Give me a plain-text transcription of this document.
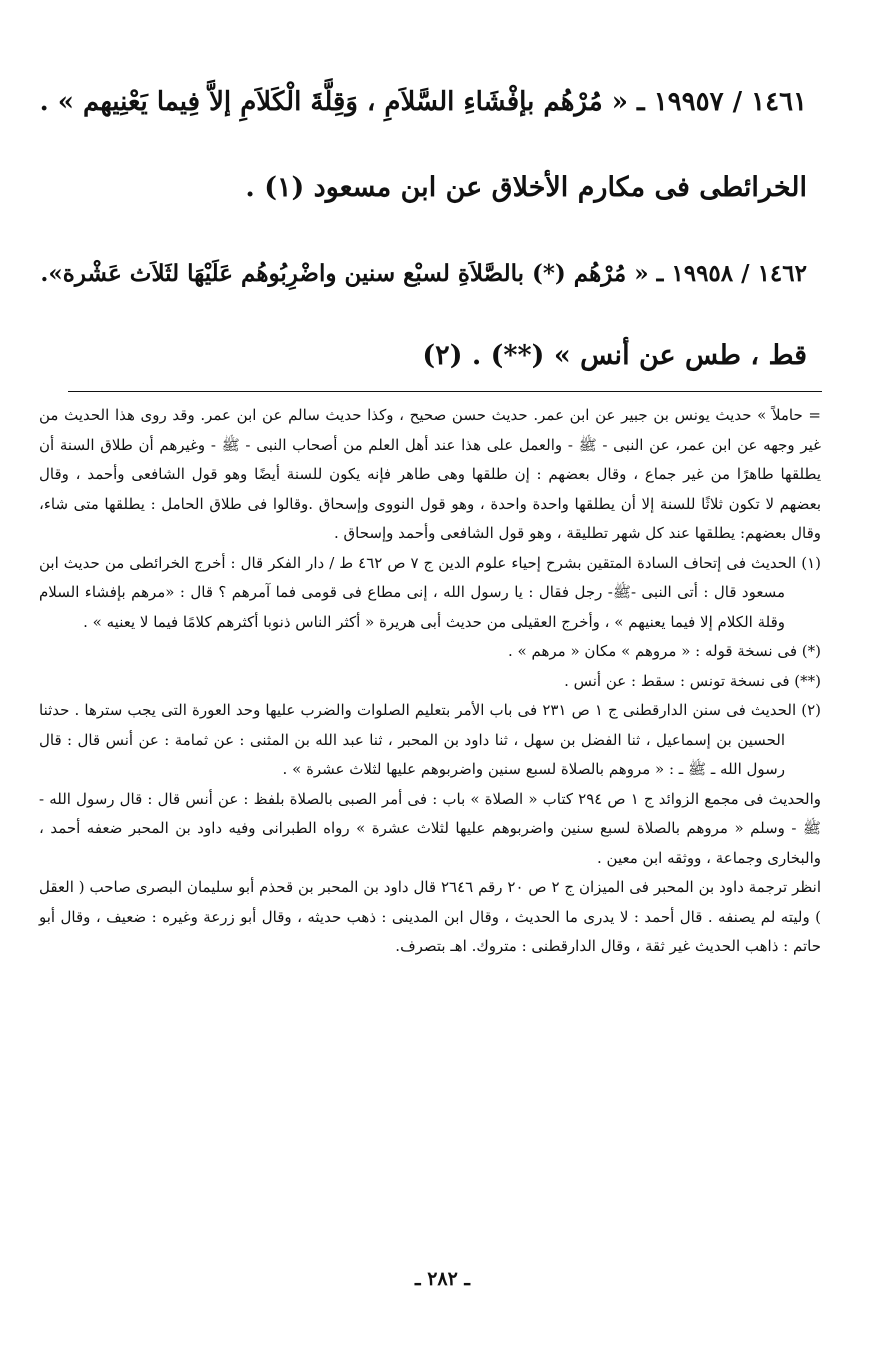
١٤٦١ / ١٩٩٥٧ ـ « مُرْهُم بإفْشَاءِ السَّلاَمِ ، وَقِلَّةَ الْكَلاَمِ إلاَّ فِيما يَعْنِيهم » .
الخرائطى فى مكارم الأخلاق عن ابن مسعود (١) .
١٤٦٢ / ١٩٩٥٨ ـ « مُرْهُم (*) بالصَّلاَةِ لسبْع سنين واضْرِبُوهُم عَلَيْهَا لثَلاَث عَشْرة».
قط ، طس عن أنس » (**) . (٢)

= حاملاً » حديث يونس بن جبير عن ابن عمر. حديث حسن صحيح ، وكذا حديث سالم عن ابن عمر. وقد روى هذا الحديث من غير وجهه عن ابن عمر، عن النبى - ﷺ - والعمل على هذا عند أهل العلم من أصحاب النبى - ﷺ - وغيرهم أن طلاق السنة أن يطلقها طاهرًا من غير جماع ، وقال بعضهم : إن طلقها وهى طاهر فإنه يكون للسنة أيضًا وهو قول الشافعى وأحمد ، وقال بعضهم لا تكون ثلاثًا للسنة إلا أن يطلقها واحدة واحدة ، وهو قول النووى وإسحاق .وقالوا فى طلاق الحامل : يطلقها متى شاء، وقال بعضهم: يطلقها عند كل شهر تطليقة ، وهو قول الشافعى وأحمد وإسحاق .

(١) الحديث فى إتحاف السادة المتقين بشرح إحياء علوم الدين ج ٧ ص ٤٦٢ ط / دار الفكر قال : أخرج الخرائطى من حديث ابن مسعود قال : أتى النبى -ﷺ- رجل فقال : يا رسول الله ، إنى مطاع فى قومى فما آمرهم ؟ قال : «مرهم بإفشاء السلام وقلة الكلام إلا فيما يعنيهم » ، وأخرج العقيلى من حديث أبى هريرة « أكثر الناس ذنوبا أكثرهم كلامًا فيما لا يعنيه » .

(*) فى نسخة قوله : « مروهم » مكان « مرهم » .

(**) فى نسخة تونس : سقط : عن أنس .

(٢) الحديث فى سنن الدارقطنى ج ١ ص ٢٣١ فى باب الأمر بتعليم الصلوات والضرب عليها وحد العورة التى يجب سترها . حدثنا الحسين بن إسماعيل ، ثنا الفضل بن سهل ، ثنا داود بن المحبر ، ثنا عبد الله بن المثنى : عن ثمامة : عن أنس قال : قال رسول الله ـ ﷺ ـ : « مروهم بالصلاة لسبع سنين واضربوهم عليها لثلاث عشرة » .

والحديث فى مجمع الزوائد ج ١ ص ٢٩٤ كتاب « الصلاة » باب : فى أمر الصبى بالصلاة بلفظ : عن أنس قال : قال رسول الله - ﷺ - وسلم « مروهم بالصلاة لسبع سنين واضربوهم عليها لثلاث عشرة » رواه الطبرانى وفيه داود بن المحبر ضعفه أحمد ، والبخارى وجماعة ، ووثقه ابن معين .

انظر ترجمة داود بن المحبر فى الميزان ج ٢ ص ٢٠ رقم ٢٦٤٦ قال داود بن المحبر بن قحذم أبو سليمان البصرى صاحب ( العقل ) وليته لم يصنفه . قال أحمد : لا يدرى ما الحديث ، وقال ابن المدينى : ذهب حديثه ، وقال أبو زرعة وغيره : ضعيف ، وقال أبو حاتم : ذاهب الحديث غير ثقة ، وقال الدارقطنى : متروك. اهـ بتصرف.

ـ ٢٨٢ ـ
